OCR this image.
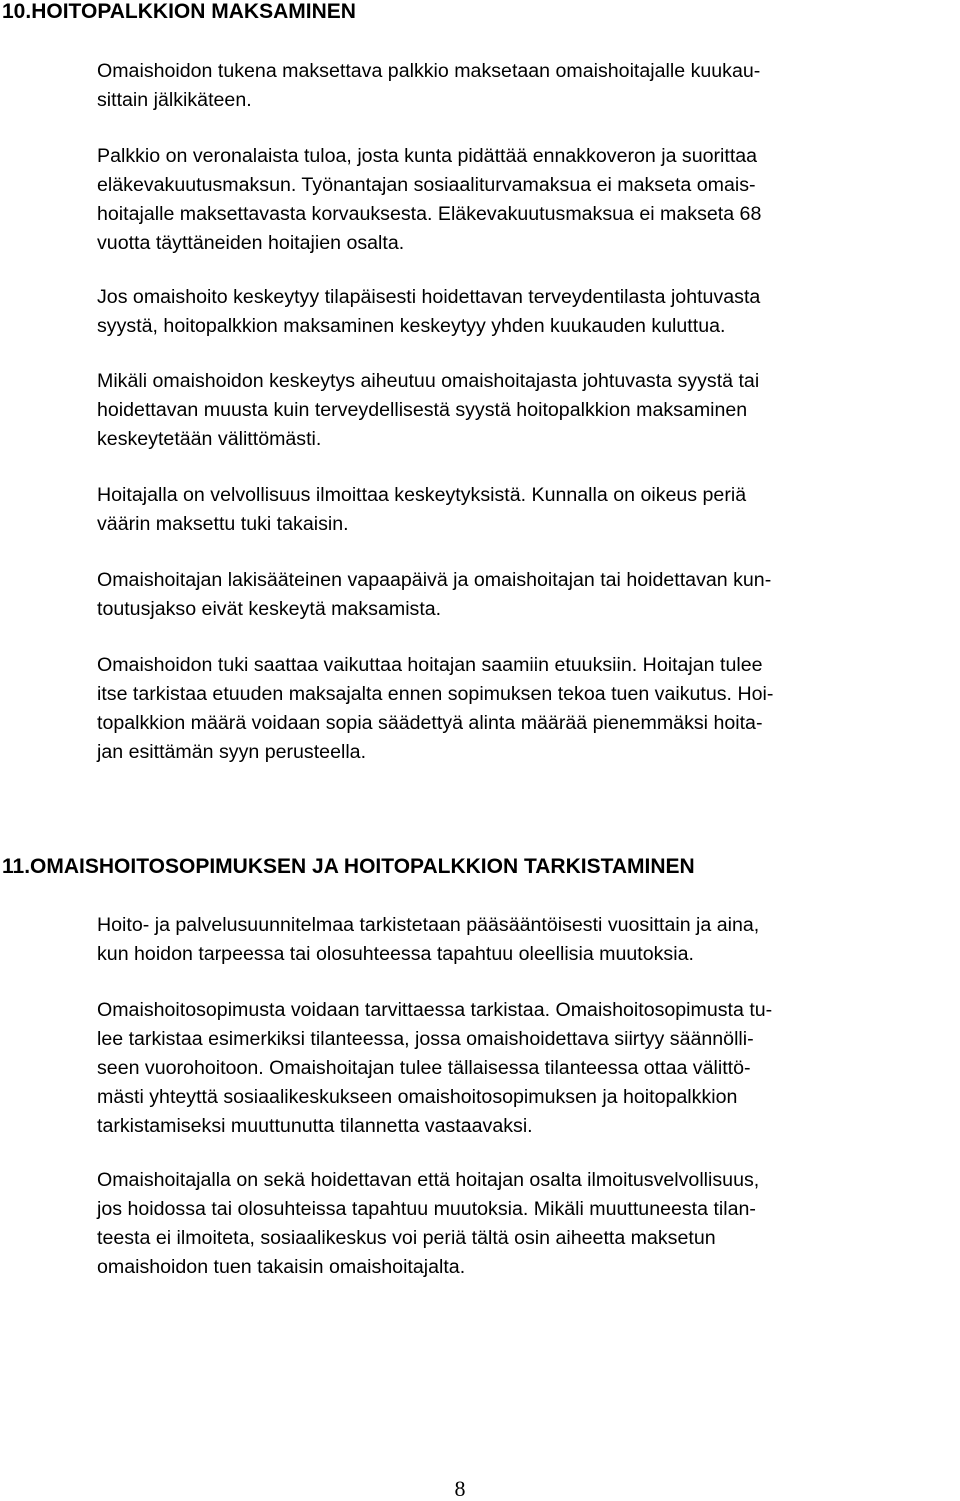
10.HOITOPALKKION MAKSAMINEN
Omaishoidon tukena maksettava palkkio maksetaan omaishoitajalle kuukau-
sittain jälkikäteen.
Palkkio on veronalaista tuloa, josta kunta pidättää ennakkoveron ja suorittaa
eläkevakuutusmaksun. Työnantajan sosiaaliturvamaksua ei makseta omais-
hoitajalle maksettavasta korvauksesta. Eläkevakuutusmaksua ei makseta 68
vuotta täyttäneiden hoitajien osalta.
Jos omaishoito keskeytyy tilapäisesti hoidettavan terveydentilasta johtuvasta
syystä, hoitopalkkion maksaminen keskeytyy yhden kuukauden kuluttua.
Mikäli omaishoidon keskeytys aiheutuu omaishoitajasta johtuvasta syystä tai
hoidettavan muusta kuin terveydellisestä syystä hoitopalkkion maksaminen
keskeytetään välittömästi.
Hoitajalla on velvollisuus ilmoittaa keskeytyksistä. Kunnalla on oikeus periä
väärin maksettu tuki takaisin.
Omaishoitajan lakisääteinen vapaapäivä ja omaishoitajan tai hoidettavan kun-
toutusjakso eivät keskeytä maksamista.
Omaishoidon tuki saattaa vaikuttaa hoitajan saamiin etuuksiin. Hoitajan tulee
itse tarkistaa etuuden maksajalta ennen sopimuksen tekoa tuen vaikutus. Hoi-
topalkkion määrä voidaan sopia säädettyä alinta määrää pienemmäksi hoita-
jan esittämän syyn perusteella.
11.OMAISHOITOSOPIMUKSEN JA HOITOPALKKION TARKISTAMINEN
Hoito- ja palvelusuunnitelmaa tarkistetaan pääsääntöisesti vuosittain ja aina,
kun hoidon tarpeessa tai olosuhteessa tapahtuu oleellisia muutoksia.
Omaishoitosopimusta voidaan tarvittaessa tarkistaa. Omaishoitosopimusta tu-
lee tarkistaa esimerkiksi tilanteessa, jossa omaishoidettava siirtyy säännölli-
seen vuorohoitoon. Omaishoitajan tulee tällaisessa tilanteessa ottaa välittö-
mästi yhteyttä sosiaalikeskukseen omaishoitosopimuksen ja hoitopalkkion
tarkistamiseksi muuttunutta tilannetta vastaavaksi.
Omaishoitajalla on sekä hoidettavan että hoitajan osalta ilmoitusvelvollisuus,
jos hoidossa tai olosuhteissa tapahtuu muutoksia. Mikäli muuttuneesta tilan-
teesta ei ilmoiteta, sosiaalikeskus voi periä tältä osin aiheetta maksetun
omaishoidon tuen takaisin omaishoitajalta.
8
